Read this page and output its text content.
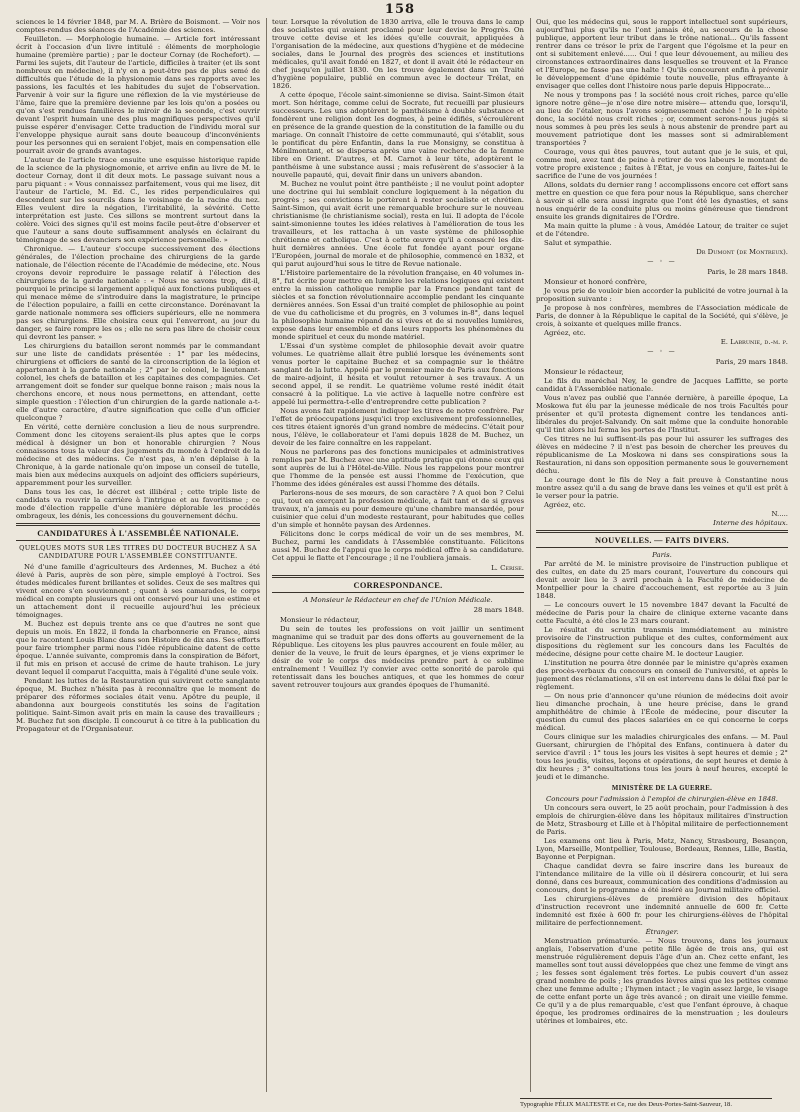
158

sciences le 14 février 1848, par M. A. Brière de Boismont. — Voir nos comptes-rendus des séances de l'Académie des sciences.

Feuilleton. — Morphologie humaine. — Article fort intéressant écrit à l'occasion d'un livre intitulé : éléments de morphologie humaine (première partie) ; par le docteur Cornay (de Rochefort). — Parmi les sujets, dit l'auteur de l'article, difficiles à traiter (et ils sont nombreux en médecine), il n'y en a peut-être pas de plus semé de difficultés que l'étude de la physionomie dans ses rapports avec les passions, les facultés et les habitudes du sujet de l'observation. Parvenir à voir sur la figure une réflexion de la vie mystérieuse de l'âme, faire que la première devienne par les lois qu'on a posées ou qu'on s'est rendues familières le miroir de la seconde, c'est ouvrir devant l'esprit humain une des plus magnifiques perspectives qu'il puisse espérer d'envisager. Cette traduction de l'individu moral sur l'enveloppe physique aurait sans doute beaucoup d'inconvénients pour les personnes qui en seraient l'objet, mais en compensation elle pourrait avoir de grands avantages.

L'auteur de l'article trace ensuite une esquisse historique rapide de la science de la physiognomonie, et arrive enfin au livre de M. le docteur Cornay, dont il dit deux mots. Le passage suivant nous a paru piquant : « Vous connaissez parfaitement, vous qui me lisez, dit l'auteur de l'article, M. Ed. C., les rides perpendiculaires qui descendent sur les sourcils dans le voisinage de la racine du nez. Elles veulent dire la négation, l'irritabilité, la sévérité. Cette interprétation est juste. Ces sillons se montrent surtout dans la colère. Voici des signes qu'il est moins facile peut-être d'observer et que l'auteur a sans doute suffisamment analysés en éclairant du témoignage de ses devanciers son expérience personnelle. »

Chronique. — L'auteur s'occupe successivement des élections générales, de l'élection prochaine des chirurgiens de la garde nationale, de l'élection récente de l'Académie de médecine, etc. Nous croyons devoir reproduire le passage relatif à l'élection des chirurgiens de la garde nationale : « Nous ne savons trop, dit-il, pourquoi le principe si largement appliqué aux fonctions publiques et qui menace même de s'introduire dans la magistrature, le principe de l'élection populaire, a failli en cette circonstance. Dorénavant la garde nationale nommera ses officiers supérieurs, elle ne nommera pas ses chirurgiens. Elle choisira ceux qui l'enverront, au jour du danger, se faire rompre les os ; elle ne sera pas libre de choisir ceux qui devront les panser. »

Les chirurgiens du bataillon seront nommés par le commandant sur une liste de candidats présentée : 1° par les médecins, chirurgiens et officiers de santé de la circonscription de la légion et appartenant à la garde nationale ; 2° par le colonel, le lieutenant-colonel, les chefs de bataillon et les capitaines des compagnies. Cet arrangement doit se fonder sur quelque bonne raison ; mais nous la cherchons encore, et nous nous permettons, en attendant, cette simple question : l'élection d'un chirurgien de la garde nationale a-t-elle d'autre caractère, d'autre signification que celle d'un officier quelconque ?

En vérité, cette dernière conclusion a lieu de nous surprendre. Comment donc les citoyens seraient-ils plus aptes que le corps médical à désigner un bon et honorable chirurgien ? Nous connaissons tous la valeur des jugements du monde à l'endroit de la médecine et des médecins. Ce n'est pas, à n'en déplaise à la Chronique, à la garde nationale qu'on impose un conseil de tutelle, mais bien aux médecins auxquels on adjoint des officiers supérieurs, apparemment pour les surveiller.

Dans tous les cas, le décret est illibéral ; cette triple liste de candidats va rouvrir la carrière à l'intrigue et au favoritisme ; ce mode d'élection rappelle d'une manière déplorable les procédés ombrageux, les dénis, les concessions du gouvernement déchu.

CANDIDATURES À L'ASSEMBLÉE NATIONALE.

QUELQUES MOTS SUR LES TITRES DU DOCTEUR BUCHEZ À SA CANDIDATURE POUR L'ASSEMBLÉE CONSTITUANTE.

Né d'une famille d'agriculteurs des Ardennes, M. Buchez a été élevé à Paris, auprès de son père, simple employé à l'octroi. Ses études médicales furent brillantes et solides. Ceux de ses maîtres qui vivent encore s'en souviennent ; quant à ses camarades, le corps médical en compte plusieurs qui ont conservé pour lui une estime et un attachement dont il recueille aujourd'hui les précieux témoignages.

M. Buchez est depuis trente ans ce que d'autres ne sont que depuis un mois. En 1822, il fonda la charbonnerie en France, ainsi que le racontent Louis Blanc dans son Histoire de dix ans. Ses efforts pour faire triompher parmi nous l'idée républicaine datent de cette époque. L'année suivante, compromis dans la conspiration de Béfort, il fut mis en prison et accusé de crime de haute trahison. Le jury devant lequel il comparut l'acquitta, mais à l'égalité d'une seule voix.

Pendant les luttes de la Restauration qui suivirent cette sanglante époque, M. Buchez n'hésita pas à reconnaître que le moment de préparer des réformes sociales était venu. Apôtre du peuple, il abandonna aux bourgeois constitutés les soins de l'agitation politique. Saint-Simon avait pris en main la cause des travailleurs ; M. Buchez fut son disciple. Il concourut à ce titre à la publication du Propagateur et de l'Organisateur.

teur. Lorsque la révolution de 1830 arriva, elle le trouva dans le camp des socialistes qui avaient proclamé pour leur devise le Progrès. On trouve cette devise et les idées qu'elle couvrait, appliquées à l'organisation de la médecine, aux questions d'hygiène et de médecine sociales, dans le Journal des progrès des sciences et institutions médicales, qu'il avait fondé en 1827, et dont il avait été le rédacteur en chef jusqu'en juillet 1830. On les trouve également dans un Traité d'hygiène populaire, publié en commun avec le docteur Trélat, en 1826.

A cette époque, l'école saint-simonienne se divisa. Saint-Simon était mort. Son héritage, comme celui de Socrate, fut recueilli par plusieurs successeurs. Les uns adoptèrent le panthéisme à double substance et fondèrent une religion dont les dogmes, à peine édifiés, s'écroulèrent en présence de la grande question de la constitution de la famille ou du mariage. On connaît l'histoire de cette communauté, qui s'établit, sous le pontificat du père Enfantin, dans la rue Monsigny, se constitua à Ménilmontant, et se dispersa après une vaine recherche de la femme libre en Orient. D'autres, et M. Carnot à leur tête, adoptèrent le panthéisme à une substance aussi ; mais refusèrent de s'associer à la nouvelle papauté, qui, devait finir dans un univers abandon.

M. Buchez ne voulut point être panthéiste ; il ne voulut point adopter une doctrine qui lui semblait conclure logiquement à la négation du progrès ; ses convictions le portèrent à rester socialiste et chrétien. Saint-Simon, qui avait écrit une remarquable brochure sur le nouveau christianisme (le christianisme social), resta en lui. Il adopta de l'école saint-simonienne toutes les idées relatives à l'amélioration de tous les travailleurs, et les rattacha à un vaste système de philosophie chrétienne et catholique. C'est à cette œuvre qu'il a consacré les dix-huit dernières années. Une école fut fondée ayant pour organe l'Européen, journal de morale et de philosophie, commencé en 1832, et qui parut aujourd'hui sous le titre de Revue nationale.

L'Histoire parlementaire de la révolution française, en 40 volumes in-8°, fut écrite pour mettre en lumière les relations logiques qui existent entre la mission catholique remplie par la France pendant tant de siècles et sa fonction révolutionnaire accomplie pendant les cinquante dernières années. Son Essai d'un traité complet de philosophie au point de vue du catholicisme et du progrès, en 3 volumes in-8°, dans lequel la philosophie humaine répand de si vives et de si nouvelles lumières, expose dans leur ensemble et dans leurs rapports les phénomènes du monde spirituel et ceux du monde matériel.

L'Essai d'un système complet de philosophie devait avoir quatre volumes. Le quatrième allait être publié lorsque les événements sont venus porter le capitaine Buchez et sa compagnie sur le théâtre sanglant de la lutte. Appelé par le premier maire de Paris aux fonctions de maire-adjoint, il hésita et voulut retourner à ses travaux. A un second appel, il se rendit. Le quatrième volume resté inédit était consacré à la politique. La vie active à laquelle notre confrère est appelé lui permettra-t-elle d'entreprendre cette publication ?

Nous avons fait rapidement indiquer les titres de notre confrère. Par l'effet de préoccupations jusqu'ici trop exclusivement professionnelles, ces titres étaient ignorés d'un grand nombre de médecins. C'était pour nous, l'élève, le collaborateur et l'ami depuis 1828 de M. Buchez, un devoir de les faire connaître en les rappelant.

Nous ne parlerons pas des fonctions municipales et administratives remplies par M. Buchez avec une aptitude pratique qui étonne ceux qui sont auprès de lui à l'Hôtel-de-Ville. Nous les rappelons pour montrer que l'homme de la pensée est aussi l'homme de l'exécution, que l'homme des idées générales est aussi l'homme des détails.

Parlerons-nous de ses mœurs, de son caractère ? A quoi bon ? Celui qui, tout en exerçant la profession médicale, a fait tant et de si graves travaux, n'a jamais eu pour demeure qu'une chambre mansardée, pour cuisinier que celui d'un modeste restaurant, pour habitudes que celles d'un simple et honnête paysan des Ardennes.

Félicitons donc le corps médical de voir un de ses membres, M. Buchez, parmi les candidats à l'Assemblée constituante. Félicitons aussi M. Buchez de l'appui que le corps médical offre à sa candidature. Cet appui le flatte et l'encourage ; il ne l'oubliera jamais.

L. Cerise.

CORRESPONDANCE.

A Monsieur le Rédacteur en chef de l'Union Médicale.

28 mars 1848.

Monsieur le rédacteur,

Du sein de toutes les professions on voit jaillir un sentiment magnanime qui se traduit par des dons offerts au gouvernement de la République. Les citoyens les plus pauvres accourent en foule mêler, au denier de la veuve, le fruit de leurs épargnes, et je viens exprimer le désir de voir le corps des médecins prendre part à ce sublime entraînement ! Veuillez l'y convier avec cette sonorité de parole qui retentissait dans les bouches antiques, et que les hommes de cœur savent retrouver toujours aux grandes époques de l'humanité.

Oui, que les médecins qui, sous le rapport intellectuel sont supérieurs, aujourd'hui plus qu'ils ne l'ont jamais été, au secours de la chose publique, apportent leur tribut dans le trône national... Qu'ils fassent rentrer dans ce trésor le prix de l'argent que l'égoïsme et la peur en ont si subitement enlevé...... Oui ! que leur dévouement, au milieu des circonstances extraordinaires dans lesquelles se trouvent et la France et l'Europe, ne fasse pas une halte ! Qu'ils concourent enfin à prévenir le développement d'une épidémie toute nouvelle, plus effrayante à envisager que celles dont l'histoire nous parle depuis Hippocrate...

Ne nous y trompons pas ! la société nous croit riches, parce qu'elle ignore notre gêne—je n'ose dire notre misère— attendu que, lorsqu'il, au lieu de l'étaler, nous l'avons soigneusement cachée ! Je le répète donc, la société nous croit riches ; or, comment serons-nous jugés si nous sommes à peu près les seuls à nous abstenir de prendre part au mouvement patriotique dont les masses sont si admirablement transportées ?

Courage, vous qui êtes pauvres, tout autant que je le suis, et qui, comme moi, avez tant de peine à retirer de vos labeurs le montant de votre propre existence ; faites à l'État, je vous en conjure, faites-lui le sacrifice de l'une de vos journées !

Allons, soldats du dernier rang ! accomplissons encore cet effort sans mettre en question ce que fera pour nous la République, sans chercher à savoir si elle sera aussi ingrate que l'ont été les dynasties, et sans nous enquérir de la conduite plus ou moins généreuse que tiendront ensuite les grands dignitaires de l'Ordre.

Ma main quitte la plume : à vous, Amédée Latour, de traiter ce sujet et de l'étendre.

Salut et sympathie.

Dr Dumont (de Montreux).

— ◦ —

Paris, le 28 mars 1848.

Monsieur et honoré confrère,

Je vous prie de vouloir bien accorder la publicité de votre journal à la proposition suivante :

Je propose à nos confrères, membres de l'Association médicale de Paris, de donner à la République le capital de la Société, qui s'élève, je crois, à soixante et quelques mille francs.

Agréez, etc.

E. Labrunie, d.-m. p.

— ◦ —

Paris, 29 mars 1848.

Monsieur le rédacteur,

Le fils du maréchal Ney, le gendre de Jacques Laffitte, se porte candidat à l'Assemblée nationale.

Vous n'avez pas oublié que l'année dernière, à pareille époque, La Moskowa fut élu par la jeunesse médicale de nos trois Facultés pour présenter et qu'il protesta dignement contre les tendances anti-libérales du projet-Salvandy. On sait même que la conduite honorable qu'il tint alors lui ferma les portes de l'Institut.

Ces titres ne lui suffisent-ils pas pour lui assurer les suffrages des élèves en médecine ? il n'est pas besoin de chercher les preuves du républicanisme de La Moskowa ni dans ses conspirations sous la Restauration, ni dans son opposition permanente sous le gouvernement déchu.

Le courage dont le fils de Ney a fait preuve à Constantine nous montre assez qu'il a du sang de brave dans les veines et qu'il est prêt à le verser pour la patrie.

Agréez, etc.

N.....

Interne des hôpitaux.

NOUVELLES. — FAITS DIVERS.

Paris.

Par arrêté de M. le ministre provisoire de l'instruction publique et des cultes, en date du 25 mars courant, l'ouverture du concours qui devait avoir lieu le 3 avril prochain à la Faculté de médecine de Montpellier pour la chaire d'accouchement, est reportée au 3 juin 1848.

— Le concours ouvert le 15 novembre 1847 devant la Faculté de médecine de Paris pour la chaire de clinique externe vacante dans cette Faculté, a été clos le 23 mars courant.

Le résultat du scrutin transmis immédiatement au ministre provisoire de l'instruction publique et des cultes, conformément aux dispositions du règlement sur les concours dans les Facultés de médecine, désigne pour cette chaire M. le docteur Laugier.

L'institution ne pourra être donnée par le ministre qu'après examen des procès-verbaux du concours en conseil de l'université, et après le jugement des réclamations, s'il en est intervenu dans le délai fixé par le règlement.

— On nous prie d'annoncer qu'une réunion de médecins doit avoir lieu dimanche prochain, à une heure précise, dans le grand amphithéâtre de chimie à l'École de médecine, pour discuter la question du cumul des places salariées en ce qui concerne le corps médical.

Cours clinique sur les maladies chirurgicales des enfans. — M. Paul Guersant, chirurgien de l'hôpital des Enfans, continuera à dater du service d'avril : 1° tous les jours les visites à sept heures et demie ; 2° tous les jeudis, visites, leçons et opérations, de sept heures et demie à dix heures ; 3° consultations tous les jours à neuf heures, excepté le jeudi et le dimanche.

MINISTÈRE DE LA GUERRE.

Concours pour l'admission à l'emploi de chirurgien-élève en 1848.

Un concours sera ouvert, le 25 août prochain, pour l'admission à des emplois de chirurgien-élève dans les hôpitaux militaires d'instruction de Metz, Strasbourg et Lille et à l'hôpital militaire de perfectionnement de Paris.

Les examens ont lieu à Paris, Metz, Nancy, Strasbourg, Besançon, Lyon, Marseille, Montpellier, Toulouse, Bordeaux, Rennes, Lille, Bastia, Bayonne et Perpignan.

Chaque candidat devra se faire inscrire dans les bureaux de l'intendance militaire de la ville où il désirera concourir, et lui sera donné, dans ces bureaux, communication des conditions d'admission au concours, dont le programme a été inséré au Journal militaire officiel.

Les chirurgiens-élèves de première division des hôpitaux d'instruction recevront une indemnité annuelle de 600 fr. Cette indemnité est fixée à 600 fr. pour les chirurgiens-élèves de l'hôpital militaire de perfectionnement.

Étranger.

Menstruation prématurée. — Nous trouvons, dans les journaux anglais, l'observation d'une petite fille âgée de trois ans, qui est menstruée régulièrement depuis l'âge d'un an. Chez cette enfant, les mamelles sont tout aussi développées que chez une femme de vingt ans ; les fesses sont également très fortes. Le pubis couvert d'un assez grand nombre de poils ; les grandes lèvres ainsi que les petites comme chez une femme adulte ; l'hymen intact ; le vagin assez large, le visage de cette enfant porte un âge très avancé ; on dirait une vieille femme. Ce qu'il y a de plus remarquable, c'est que l'enfant éprouve, à chaque époque, les prodromes ordinaires de la menstruation ; les douleurs utérines et lombaires, etc.

Typographie FÉLIX MALTESTE et Ce, rue des Deux-Portes-Saint-Sauveur, 18.
